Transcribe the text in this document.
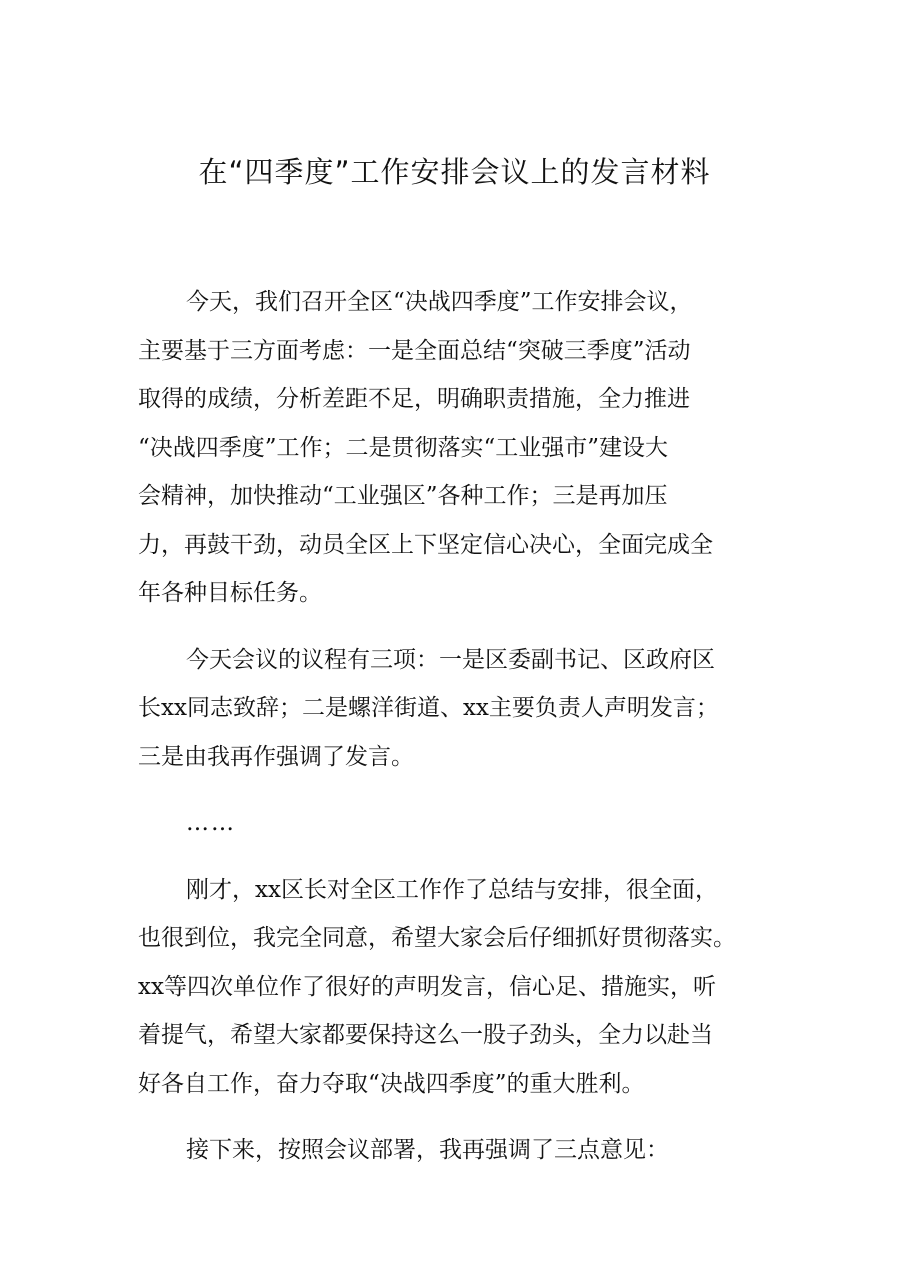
在“四季度”工作安排会议上的发言材料

今天，我们召开全区“决战四季度”工作安排会议，
主要基于三方面考虑：一是全面总结“突破三季度”活动
取得的成绩，分析差距不足，明确职责措施，全力推进
“决战四季度”工作；二是贯彻落实“工业强市”建设大
会精神，加快推动“工业强区”各种工作；三是再加压
力，再鼓干劲，动员全区上下坚定信心决心，全面完成全
年各种目标任务。

今天会议的议程有三项：一是区委副书记、区政府区
长xx同志致辞；二是螺洋街道、xx主要负责人声明发言；
三是由我再作强调了发言。

……

刚才，xx区长对全区工作作了总结与安排，很全面，
也很到位，我完全同意，希望大家会后仔细抓好贯彻落实。
xx等四次单位作了很好的声明发言，信心足、措施实，听
着提气，希望大家都要保持这么一股子劲头，全力以赴当
好各自工作，奋力夺取“决战四季度”的重大胜利。

接下来，按照会议部署，我再强调了三点意见：
